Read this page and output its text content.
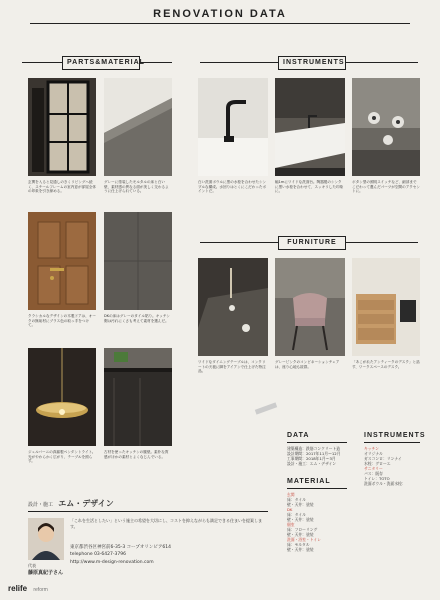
RENOVATION DATA
PARTS&MATERIAL	INSTRUMENTS
玄関を入ると見通しのきくリビングへ続く、スチールフレームの室内窓が部屋全体の印象を引き締める。
グレーに塗装したモルタルの床と白い壁、素材感の異なる面が美しく交わるように仕上げられている。
白い洗面ボウルに黒の水栓を合わせたシンプルな構成。水回りはとくにこだわったポイントだ。
幅1mにワイドな洗面台。陶器製のシンクに黒い水栓を合わせて、スッキリした印象に。
ボタン型の照明スイッチなど、細部までこだわって選んだパーツが空間のアクセントに。
クラシカルなデザインの木製ドアは、オークの無垢材にブラス色の取っ手をつけて。
DKの床はグレーのタイル貼り。キッチン側は汚れにくさも考えて素材を選んだ。
ジェルバーニの真鍮製ペンダントライト。光がやわらかく広がり、テーブルを照らす。
古材を使ったキッチンの腰壁。素朴な質感がほかの素材とよくなじんでいる。
FURNITURE
ワイドなダイニングテーブルは、コンクリートの天板に脚をアイアンで仕上げた特注品。
グレーピンクのコンビネーションチェアは、座り心地も抜群。
「あこがれたアンティークのデスク」と話す、ワークスペースのデスク。
DATA
建築構造：鉄筋コンクリート造
設計期間：2017年11月〜12月
工事期間：2018年1月〜3月
設計・施工：エム・デザイン
MATERIAL
玄関
床：タイル
壁・天井：塗装
DK
床：タイル
壁・天井：塗装
個室
床：フローリング
壁・天井：塗装
洗面・浴室・トイレ
床：モルタル
壁・天井：塗装
INSTRUMENTS
キッチン
オリジナル
ガスコンロ：リンナイ
水栓：グローエ
サニタリー
バス：既存
トイレ：TOTO
洗面ボウル・洗面水栓：
設計・施工 エム・デザイン
代表
藤原真紀子さん
「これを生活としたい」という施主の希望を大切にし、コストを抑えながらも満足できる住まいを提案します。
東京都渋谷区神宮前6-35-3 コープオリンピア614
telephone 03-6427-3796
http://www.m-design-renovation.com
relife reform
